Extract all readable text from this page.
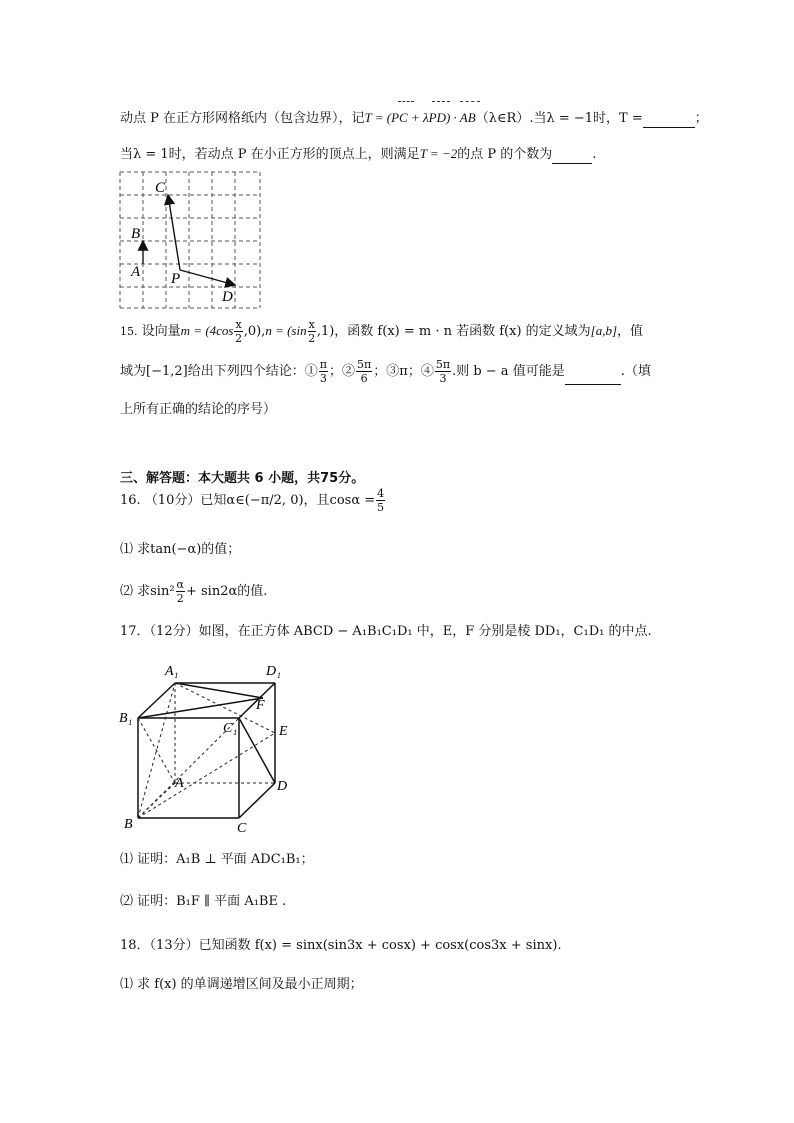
动点 P 在正方形网格纸内（包含边界），记T = (PC + λPD) · AB（λ∈R）.当λ = −1时，T =	；
当λ = 1时，若动点 P 在小正方形的顶点上，则满足T = −2的点 P 的个数为	.
C
B
A P
D
15. 设向量$m = (4\cos \frac{x}{2} ,0),n = (\sin \frac{x}{2} ,1)$，函数 f(x) = m · n 若函数 f(x) 的定义域为[a,b]，值
域为[−1,2]给出下列四个结论：① $\frac{\pi}{3}$ ；② $\frac{5\pi}{6}$ ；③π；④ $\frac{5\pi}{3}$ .则 b − a 值可能是	.（填
上所有正确的结论的序号）
三、解答题：本大题共 6 小题，共75分。
16. （10分）已知α∈(−π/2, 0)，且$\cos\alpha = \frac{4}{5}$
⑴ 求tan(−α)的值；
⑵ 求$\sin^2 \frac{\alpha}{2} + \sin 2\alpha$的值.
17．（12分）如图，在正方体 ABCD − A₁B₁C₁D₁ 中，E，F 分别是棱 DD₁，C₁D₁ 的中点.
A₁	D₁
B₁
C₁
F
E
A	D
B	C
⑴ 证明：A₁B ⊥ 平面 ADC₁B₁；
⑵ 证明：B₁F ∥ 平面 A₁BE .
18．（13分）已知函数 f(x) = sinx(sin3x + cosx) + cosx(cos3x + sinx).
⑴ 求 f(x) 的单调递增区间及最小正周期；
